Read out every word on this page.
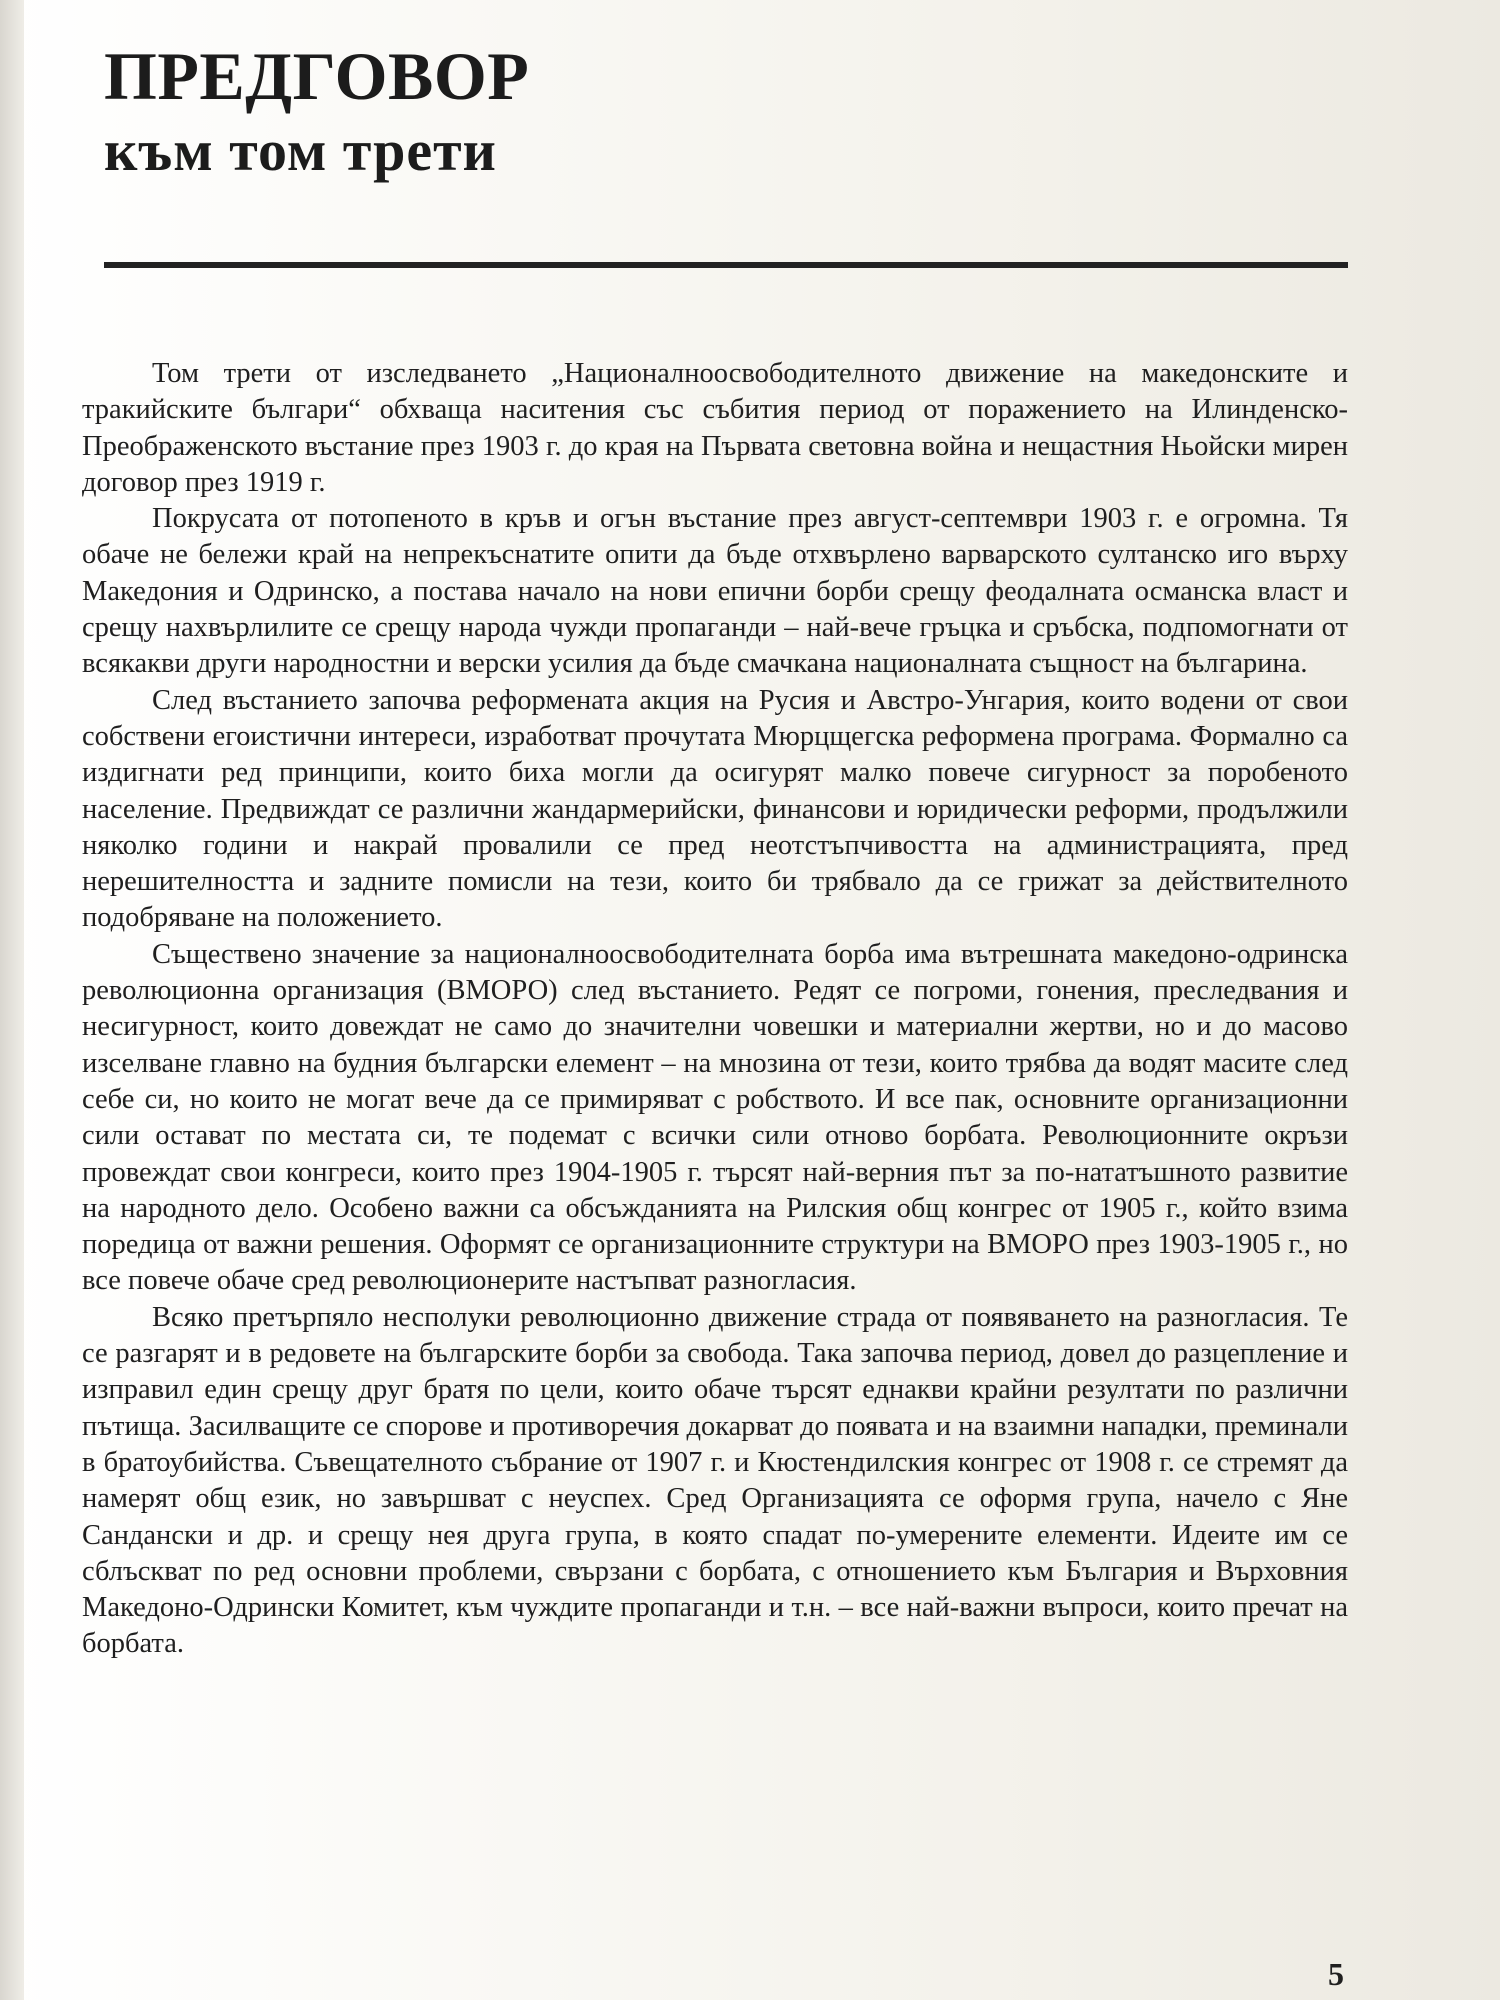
ПРЕДГОВОР
към том трети

Том трети от изследването „Националноосвободителното движение на македонските и тракийските българи“ обхваща наситения със събития период от поражението на Илинденско-Преображенското въстание през 1903 г. до края на Първата световна война и нещастния Ньойски мирен договор през 1919 г.

Покрусата от потопеното в кръв и огън въстание през август-септември 1903 г. е огромна. Тя обаче не бележи край на непрекъснатите опити да бъде отхвърлено варварското султанско иго върху Македония и Одринско, а постава начало на нови епични борби срещу феодалната османска власт и срещу нахвърлилите се срещу народа чужди пропаганди – най-вече гръцка и сръбска, подпомогнати от всякакви други народностни и верски усилия да бъде смачкана националната същност на българина.

След въстанието започва реформената акция на Русия и Австро-Унгария, които водени от свои собствени егоистични интереси, изработват прочутата Мюрцщегска реформена програма. Формално са издигнати ред принципи, които биха могли да осигурят малко повече сигурност за поробеното население. Предвиждат се различни жандармерийски, финансови и юридически реформи, продължили няколко години и накрай провалили се пред неотстъпчивостта на администрацията, пред нерешителността и задните помисли на тези, които би трябвало да се грижат за действителното подобряване на положението.

Съществено значение за националноосвободителната борба има вътрешната македоно-одринска революционна организация (ВМОРО) след въстанието. Редят се погроми, гонения, преследвания и несигурност, които довеждат не само до значителни човешки и материални жертви, но и до масово изселване главно на будния български елемент – на мнозина от тези, които трябва да водят масите след себе си, но които не могат вече да се примиряват с робството. И все пак, основните организационни сили остават по местата си, те подемат с всички сили отново борбата. Революционните окръзи провеждат свои конгреси, които през 1904-1905 г. търсят най-верния път за по-нататъшното развитие на народното дело. Особено важни са обсъжданията на Рилския общ конгрес от 1905 г., който взима поредица от важни решения. Оформят се организационните структури на ВМОРО през 1903-1905 г., но все повече обаче сред революционерите настъпват разногласия.

Всяко претърпяло несполуки революционно движение страда от появяването на разногласия. Те се разгарят и в редовете на българските борби за свобода. Така започва период, довел до разцепление и изправил един срещу друг братя по цели, които обаче търсят еднакви крайни резултати по различни пътища. Засилващите се спорове и противоречия докарват до появата и на взаимни нападки, преминали в братоубийства. Съвещателното събрание от 1907 г. и Кюстендилския конгрес от 1908 г. се стремят да намерят общ език, но завършват с неуспех. Сред Организацията се оформя група, начело с Яне Сандански и др. и срещу нея друга група, в която спадат по-умерените елементи. Идеите им се сблъскват по ред основни проблеми, свързани с борбата, с отношението към България и Върховния Македоно-Одрински Комитет, към чуждите пропаганди и т.н. – все най-важни въпроси, които пречат на борбата.

5
